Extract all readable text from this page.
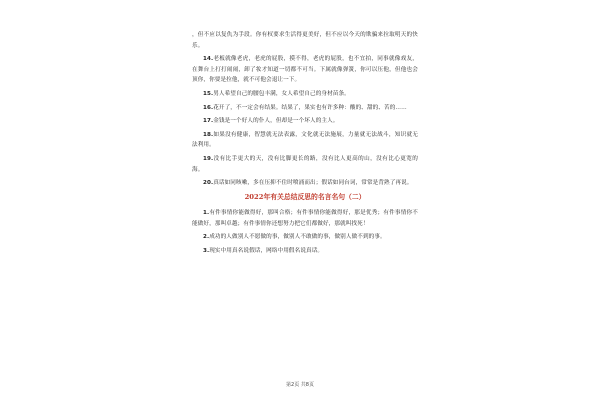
，但不应以复仇为手段。你有权要求生活得更美好，但不应以今天的欺骗来拉取明天的快乐。

14.老板就像老虎，老虎的屁股，摸不得，老虎的屁股，也不宜拍，同事就像戏友，在舞台上打打闹闹，卸了妆才知道一切都不可当。下属就像弹簧，你可以压他，但他也会顶你，你要是拉他，就不可他会退让一下。

15.男人希望自己的腰包丰满，女人希望自己的身材苗条。

16.花开了，不一定会有结果。结果了，果实也有许多种：酸的、甜的、苦的……

17.金钱是一个好人的仆人，但却是一个坏人的主人。

18.如果没有健康，智慧就无法表露，文化就无法施展，力量就无法战斗，知识就无法利用。

19.没有比手更大的天，没有比脚更长的路，没有比人更高的山，没有比心更宽的海。

20.真话如同咳嗽，多在压抑不住时喷涌而出；假话如同台词，常常是背熟了再说。

2022年有关总结反思的名言名句（二）

1.有件事情你能做得好，那叫合格；有件事情你能做得好，那是优秀；有件事情你不能做好，那叫卓越；有件事情你还想努力把它们都做好，那就叫找死！

2.成功的人做别人不愿做的事，做别人不敢做的事，做别人做不到的事。

3.现实中用真名说假话，网络中用假名说真话。

第2页 共8页
